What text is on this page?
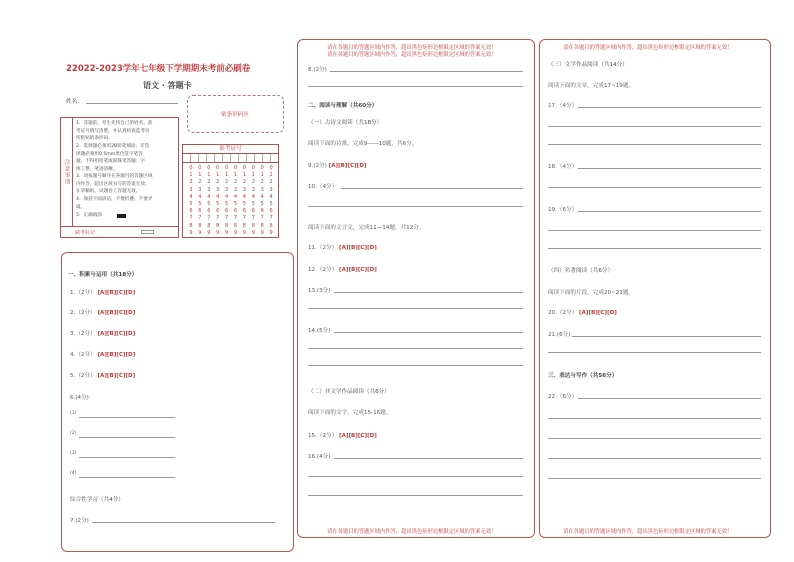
22022-2023学年七年级下学期期末考前必刷卷
语文 · 答题卡
姓名：
贴条形码区
注意事项
1．答题前，考生先将自己的姓名、准
考证号填写清楚，并认真检查监考员
所粘贴的条形码。
2．选择题必须用2B铅笔填涂；非选
择题必须用0.5mm黑色签字笔答
题，不得用铅笔或圆珠笔答题；字
体工整、笔迹清晰。
3．请按题号顺序在各题目的答题区域
内作答，超出区域书写的答案无效；
在草稿纸、试题卷上答题无效。
4．保持卡面清洁，不要折叠、不要弄
破。
5．正确填涂
缺考标记
准考证号
0
1
2
3
4
5
6
7
8
9
0
1
2
3
4
5
6
7
8
9
0
1
2
3
4
5
6
7
8
9
0
1
2
3
4
5
6
7
8
9
0
1
2
3
4
5
6
7
8
9
0
1
2
3
4
5
6
7
8
9
0
1
2
3
4
5
6
7
8
9
0
1
2
3
4
5
6
7
8
9
0
1
2
3
4
5
6
7
8
9
0
1
2
3
4
5
6
7
8
9
一、积累与运用（共18分）
1.（2分） [A][B][C][D]
2.（2分） [A][B][C][D]
3.（2分） [A][B][C][D]
4.（2分） [A][B][C][D]
5.（2分） [A][B][C][D]
6.(4分)
(1)
(2)
(3)
(4)
综合性学习（共4分）
7.(2分)
请在各题目的答题区域内作答，超出黑色矩形边框限定区域的答案无效！
请在各题目的答题区域内作答，超出黑色矩形边框限定区域的答案无效！
8.(2分)
二、阅读与理解（共60分）
（一）古诗文阅读（共18分）
阅读下面的诗歌，完成9——10题，共6分。
9.(2分) [A][B][C][D]
10.（4分）
阅读下面的文言文，完成11—14题，共12分。
11.（2分） [A][B][C][D]
12.（2分） [A][B][C][D]
13.(3分)
14.(5分)
（二）非文学作品阅读（共6分）
阅读下面的文字，完成15-16题。
15.（2分） [A][B][C][D]
16.(4分)
请在各题目的答题区域内作答，超出黑色矩形边框限定区域的答案无效！
请在各题目的答题区域内作答，超出黑色矩形边框限定区域的答案无效！
（三）文学作品阅读（共14分）
阅读下面的文章，完成17~19题。
17.（4分）
18.（4分）
19.（6分）
（四）名著阅读（共6分）
阅读下面的片段，完成20~21题。
20.（2分） [A][B][C][D]
21.(6分)
三、表达与写作（共56分）
22.（6分）
请在各题目的答题区域内作答，超出黑色矩形边框限定区域的答案无效！
